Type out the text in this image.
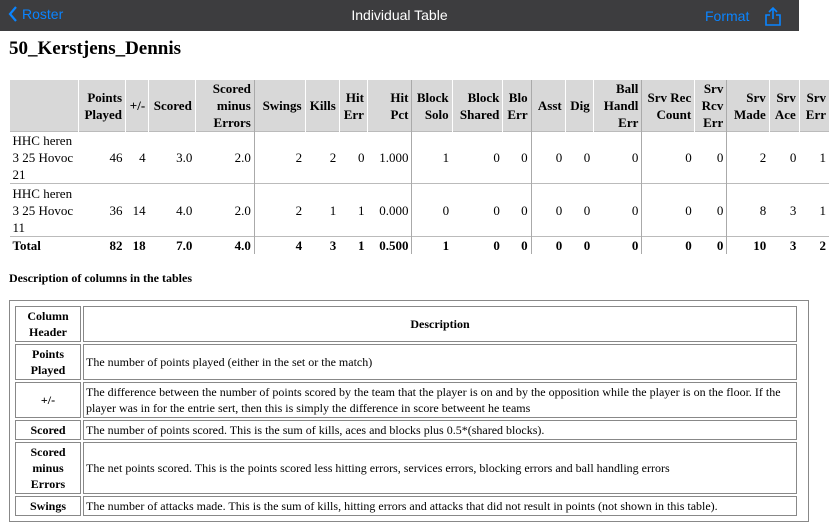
Roster	Individual Table	Format
50_Kerstjens_Dennis
	Points Played	+/-	Scored	Scored minus Errors	Swings	Kills	Hit Err	Hit Pct	Block Solo	Block Shared	Blo Err	Asst	Dig	Ball Handl Err	Srv Rec Count	Srv Rcv Err	Srv Made	Srv Ace	Srv Err
HHC heren 3 25 Hovoc 21	46	4	3.0	2.0	2	2	0	1.000	1	0	0	0	0	0	0	0	2	0	1
HHC heren 3 25 Hovoc 11	36	14	4.0	2.0	2	1	1	0.000	0	0	0	0	0	0	0	0	8	3	1
Total	82	18	7.0	4.0	4	3	1	0.500	1	0	0	0	0	0	0	0	10	3	2
Description of columns in the tables
Column Header	Description
Points Played	The number of points played (either in the set or the match)
+/-	The difference between the number of points scored by the team that the player is on and by the opposition while the player is on the floor. If the player was in for the entrie sert, then this is simply the difference in score betweent he teams
Scored	The number of points scored. This is the sum of kills, aces and blocks plus 0.5*(shared blocks).
Scored minus Errors	The net points scored. This is the points scored less hitting errors, services errors, blocking errors and ball handling errors
Swings	The number of attacks made. This is the sum of kills, hitting errors and attacks that did not result in points (not shown in this table).
